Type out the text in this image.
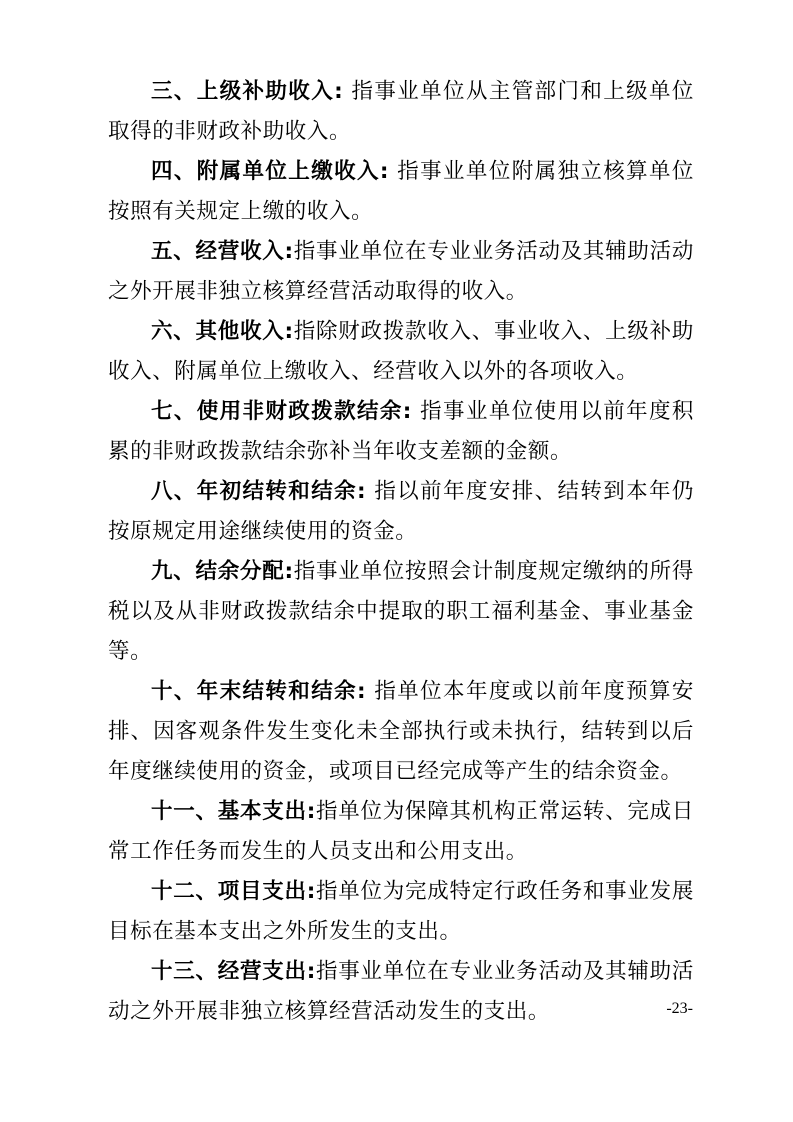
三、上级补助收入: 指事业单位从主管部门和上级单位取得的非财政补助收入。

四、附属单位上缴收入: 指事业单位附属独立核算单位按照有关规定上缴的收入。

五、经营收入:指事业单位在专业业务活动及其辅助活动之外开展非独立核算经营活动取得的收入。

六、其他收入:指除财政拨款收入、事业收入、上级补助收入、附属单位上缴收入、经营收入以外的各项收入。

七、使用非财政拨款结余: 指事业单位使用以前年度积累的非财政拨款结余弥补当年收支差额的金额。

八、年初结转和结余: 指以前年度安排、结转到本年仍按原规定用途继续使用的资金。

九、结余分配:指事业单位按照会计制度规定缴纳的所得税以及从非财政拨款结余中提取的职工福利基金、事业基金等。

十、年末结转和结余: 指单位本年度或以前年度预算安排、因客观条件发生变化未全部执行或未执行，结转到以后年度继续使用的资金，或项目已经完成等产生的结余资金。

十一、基本支出:指单位为保障其机构正常运转、完成日常工作任务而发生的人员支出和公用支出。

十二、项目支出:指单位为完成特定行政任务和事业发展目标在基本支出之外所发生的支出。

十三、经营支出:指事业单位在专业业务活动及其辅助活动之外开展非独立核算经营活动发生的支出。	-23-
